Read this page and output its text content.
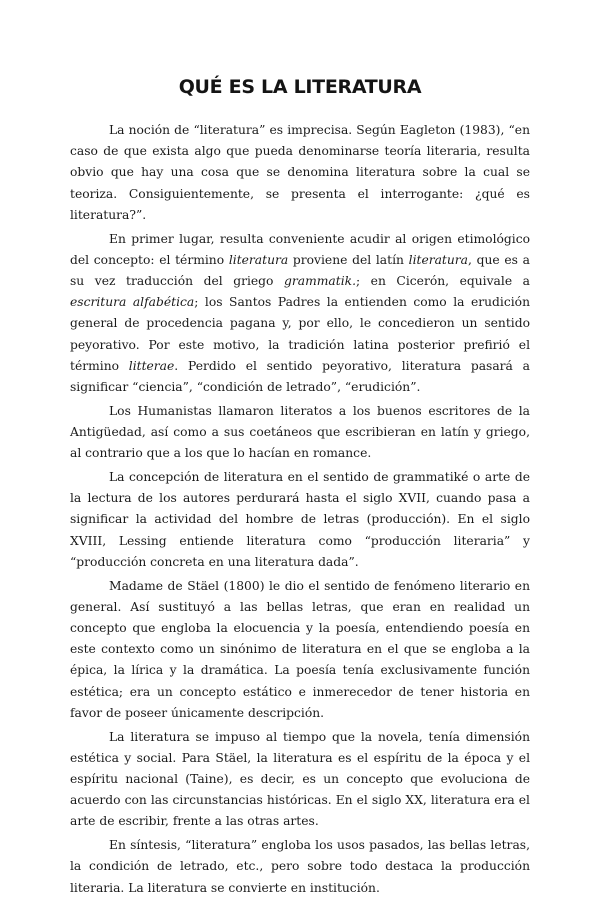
QUÉ ES LA LITERATURA

La noción de “literatura” es imprecisa. Según Eagleton (1983), “en caso de que exista algo que pueda denominarse teoría literaria, resulta obvio que hay una cosa que se denomina literatura sobre la cual se teoriza. Consiguientemente, se presenta el interrogante: ¿qué es literatura?”.

En primer lugar, resulta conveniente acudir al origen etimológico del concepto: el término literatura proviene del latín literatura, que es a su vez traducción del griego grammatik.; en Cicerón, equivale a escritura alfabética; los Santos Padres la entienden como la erudición general de procedencia pagana y, por ello, le concedieron un sentido peyorativo. Por este motivo, la tradición latina posterior prefirió el término litterae. Perdido el sentido peyorativo, literatura pasará a significar “ciencia”, “condición de letrado”, “erudición”.

Los Humanistas llamaron literatos a los buenos escritores de la Antigüedad, así como a sus coetáneos que escribieran en latín y griego, al contrario que a los que lo hacían en romance.

La concepción de literatura en el sentido de grammatiké o arte de la lectura de los autores perdurará hasta el siglo XVII, cuando pasa a significar la actividad del hombre de letras (producción). En el siglo XVIII, Lessing entiende literatura como “producción literaria” y “producción concreta en una literatura dada”.

Madame de Stäel (1800) le dio el sentido de fenómeno literario en general. Así sustituyó a las bellas letras, que eran en realidad un concepto que engloba la elocuencia y la poesía, entendiendo poesía en este contexto como un sinónimo de literatura en el que se engloba a la épica, la lírica y la dramática. La poesía tenía exclusivamente función estética; era un concepto estático e inmerecedor de tener historia en favor de poseer únicamente descripción.

La literatura se impuso al tiempo que la novela, tenía dimensión estética y social. Para Stäel, la literatura es el espíritu de la época y el espíritu nacional (Taine), es decir, es un concepto que evoluciona de acuerdo con las circunstancias históricas. En el siglo XX, literatura era el arte de escribir, frente a las otras artes.

En síntesis, “literatura” engloba los usos pasados, las bellas letras, la condición de letrado, etc., pero sobre todo destaca la producción literaria. La literatura se convierte en institución.
